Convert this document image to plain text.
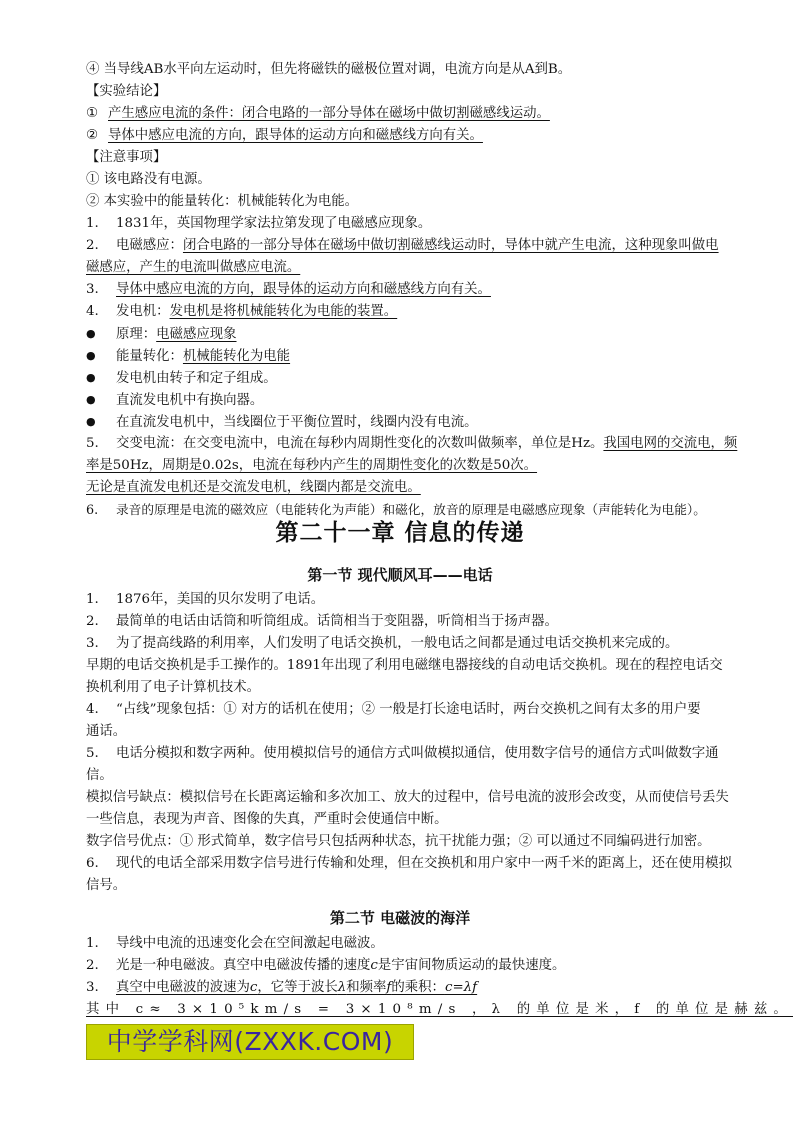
④ 当导线AB水平向左运动时，但先将磁铁的磁极位置对调，电流方向是从A到B。
【实验结论】
① 产生感应电流的条件：闭合电路的一部分导体在磁场中做切割磁感线运动。
② 导体中感应电流的方向，跟导体的运动方向和磁感线方向有关。
【注意事项】
① 该电路没有电源。
② 本实验中的能量转化：机械能转化为电能。
1. 1831年，英国物理学家法拉第发现了电磁感应现象。
2. 电磁感应：闭合电路的一部分导体在磁场中做切割磁感线运动时，导体中就产生电流，这种现象叫做电
磁感应，产生的电流叫做感应电流。
3. 导体中感应电流的方向，跟导体的运动方向和磁感线方向有关。
4. 发电机：发电机是将机械能转化为电能的装置。
● 原理：电磁感应现象
● 能量转化：机械能转化为电能
● 发电机由转子和定子组成。
● 直流发电机中有换向器。
● 在直流发电机中，当线圈位于平衡位置时，线圈内没有电流。
5. 交变电流：在交变电流中，电流在每秒内周期性变化的次数叫做频率，单位是Hz。我国电网的交流电，频
率是50Hz，周期是0.02s，电流在每秒内产生的周期性变化的次数是50次。
无论是直流发电机还是交流发电机，线圈内都是交流电。
6. 录音的原理是电流的磁效应（电能转化为声能）和磁化，放音的原理是电磁感应现象（声能转化为电能）。
第二十一章 信息的传递
第一节 现代顺风耳——电话
1. 1876年，美国的贝尔发明了电话。
2. 最简单的电话由话筒和听筒组成。话筒相当于变阻器，听筒相当于扬声器。
3. 为了提高线路的利用率，人们发明了电话交换机，一般电话之间都是通过电话交换机来完成的。
早期的电话交换机是手工操作的。1891年出现了利用电磁继电器接线的自动电话交换机。现在的程控电话交
换机利用了电子计算机技术。
4. “占线”现象包括：① 对方的话机在使用；② 一般是打长途电话时，两台交换机之间有太多的用户要
通话。
5. 电话分模拟和数字两种。使用模拟信号的通信方式叫做模拟通信，使用数字信号的通信方式叫做数字通
信。
模拟信号缺点：模拟信号在长距离运输和多次加工、放大的过程中，信号电流的波形会改变，从而使信号丢失
一些信息，表现为声音、图像的失真，严重时会使通信中断。
数字信号优点：① 形式简单，数字信号只包括两种状态，抗干扰能力强；② 可以通过不同编码进行加密。
6. 现代的电话全部采用数字信号进行传输和处理，但在交换机和用户家中一两千米的距离上，还在使用模拟
信号。
第二节 电磁波的海洋
1. 导线中电流的迅速变化会在空间激起电磁波。
2. 光是一种电磁波。真空中电磁波传播的速度c是宇宙间物质运动的最快速度。
3. 真空中电磁波的波速为c，它等于波长λ和频率f的乘积：c=λf
其中 c≈ 3×10⁵km/s = 3×10⁸m/s ，λ 的单位是米，f 的单位是赫兹。
中学学科网(ZXXK.COM)
